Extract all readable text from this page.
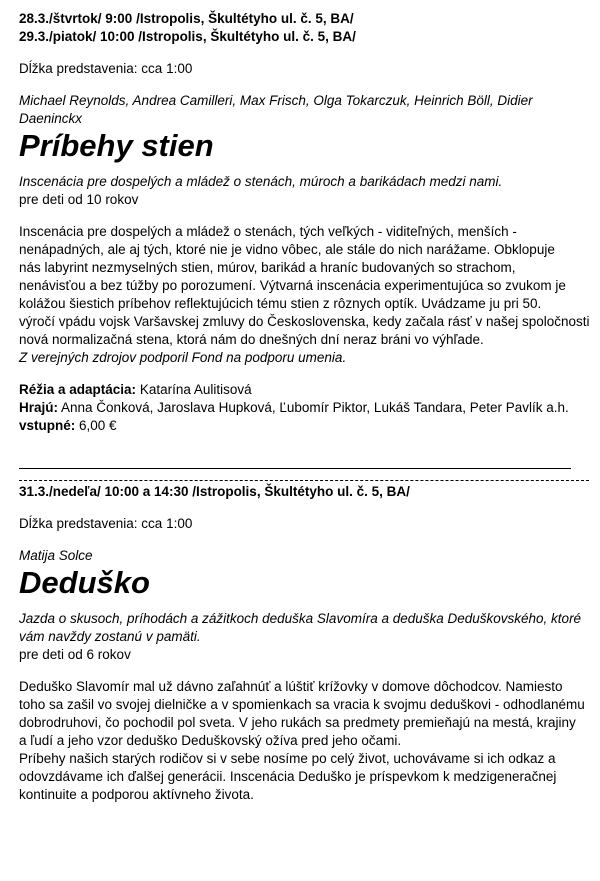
28.3./štvrtok/ 9:00 /Istropolis, Škultétyho ul. č. 5, BA/
29.3./piatok/ 10:00 /Istropolis, Škultétyho ul. č. 5, BA/
Dĺžka predstavenia: cca 1:00
Michael Reynolds, Andrea Camilleri, Max Frisch, Olga Tokarczuk, Heinrich Böll, Didier
Daeninckx
Príbehy stien
Inscenácia pre dospelých a mládež o stenách, múroch a barikádach medzi nami.
pre deti od 10 rokov
Inscenácia pre dospelých a mládež o stenách, tých veľkých - viditeľných, menších -
nenápadných, ale aj tých, ktoré nie je vidno vôbec, ale stále do nich narážame. Obklopuje
nás labyrint nezmyselných stien, múrov, barikád a hraníc budovaných so strachom,
nenávisťou a bez túžby po porozumení. Výtvarná inscenácia experimentujúca so zvukom je
kolážou šiestich príbehov reflektujúcich tému stien z rôznych optík. Uvádzame ju pri 50.
výročí vpádu vojsk Varšavskej zmluvy do Československa, kedy začala rásť v našej spoločnosti
nová normalizačná stena, ktorá nám do dnešných dní neraz bráni vo výhľade.
Z verejných zdrojov podporil Fond na podporu umenia.
Réžia a adaptácia: Katarína Aulitisová
Hrajú: Anna Čonková, Jaroslava Hupková, Ľubomír Piktor, Lukáš Tandara, Peter Pavlík a.h.
vstupné: 6,00 €
31.3./nedeľa/ 10:00 a 14:30 /Istropolis, Škultétyho ul. č. 5, BA/
Dĺžka predstavenia: cca 1:00
Matija Solce
Deduško
Jazda o skusoch, príhodách a zážitkoch deduška Slavomíra a deduška Deduškovského, ktoré
vám navždy zostanú v pamäti.
pre deti od 6 rokov
Deduško Slavomír mal už dávno zaľahnúť a lúštiť krížovky v domove dôchodcov. Namiesto
toho sa zašil vo svojej dielničke a v spomienkach sa vracia k svojmu deduškovi - odhodlanému
dobrodruhovi, čo pochodil pol sveta. V jeho rukách sa predmety premieňajú na mestá, krajiny
a ľudí a jeho vzor deduško Deduškovský ožíva pred jeho očami.
Príbehy našich starých rodičov si v sebe nosíme po celý život, uchovávame si ich odkaz a
odovzdávame ich ďalšej generácii. Inscenácia Deduško je príspevkom k medzigeneračnej
kontinuite a podporou aktívneho života.
